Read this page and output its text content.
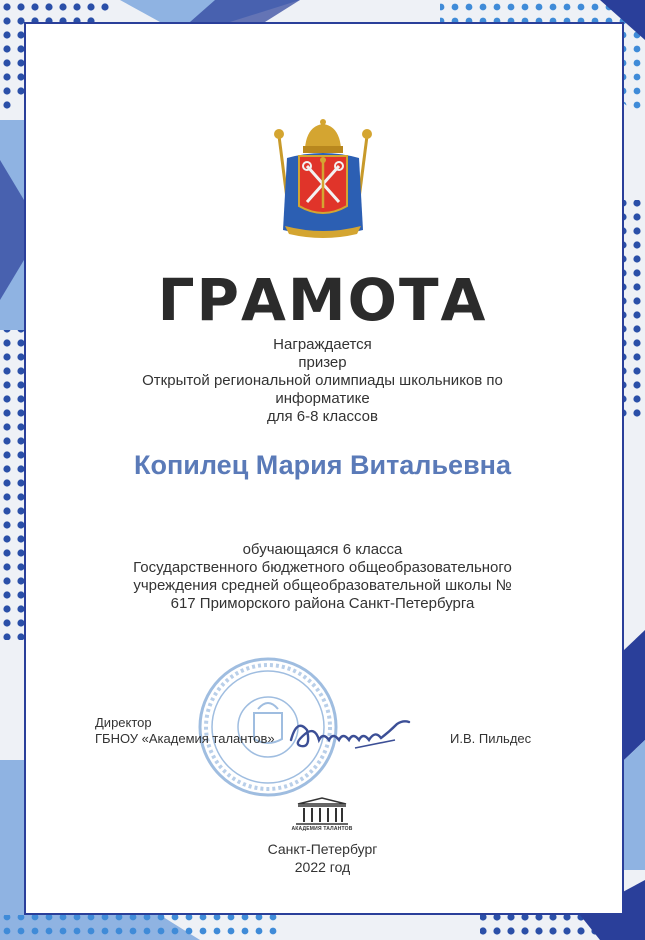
ГРАМОТА
Награждается
призер
Открытой региональной олимпиады школьников по
информатике
для 6-8 классов
Копилец Мария Витальевна
обучающаяся 6 класса
Государственного бюджетного общеобразовательного
учреждения средней общеобразовательной школы №
617 Приморского района Санкт-Петербурга
Директор
ГБНОУ «Академия талантов»	И.В. Пильдес
АКАДЕМИЯ ТАЛАНТОВ
Санкт-Петербург
2022 год
